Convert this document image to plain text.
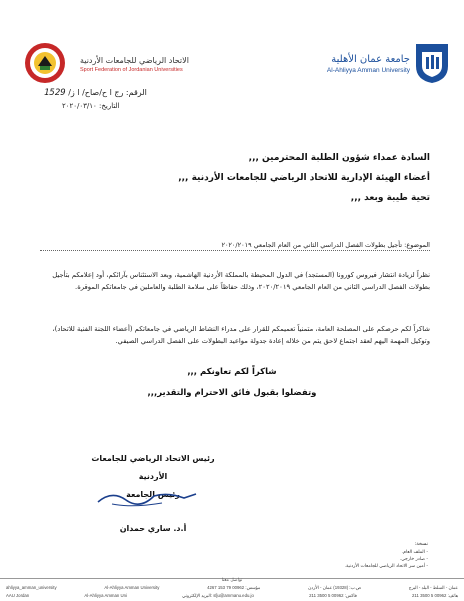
الاتحاد الرياضي للجامعات الأردنية
Sport Federation of Jordanian Universities
جامعة عمان الأهلية
Al-Ahliyya Amman University
الرقم: رج ا ح/صاح/ ا ز/ 1529
التاريخ: ٢٠٢٠/٠٣/١٠
السادة عمداء شؤون الطلبة المحترمين ,,,
أعضاء الهيئة الإدارية للاتحاد الرياضي للجامعات الأردنية ,,,
تحية طيبة وبعد ,,,
الموضوع: تأجيل بطولات الفصل الدراسي الثاني من العام الجامعي ٢٠٢٠/٢٠١٩
نظراً لزيادة انتشار فيروس كورونا (المستجد) في الدول المحيطة بالمملكة الأردنية الهاشمية، وبعد الاستئناس بآرائكم، أود إعلامكم بتأجيل بطولات الفصل الدراسي الثاني من العام الجامعي ٢٠٢٠/٢٠١٩، وذلك حفاظاً على سلامة الطلبة والعاملين في جامعاتكم الموقرة.
شاكراً لكم حرصكم على المصلحة العامة، متمنياً تعميمكم للقرار على مدراء النشاط الرياضي في جامعاتكم (أعضاء اللجنة الفنية للاتحاد)، وتوكيل المهمة اليهم لعقد اجتماع لاحق يتم من خلاله إعادة جدولة مواعيد البطولات على الفصل الدراسي الصيفي.
شاكراً لكم تعاونكم ,,,
وتفضلوا بقبول فائق الاحترام والتقدير,,,
رئيس الاتحاد الرياضي للجامعات الأردنية
رئيس الجامعة
أ.د. ساري حمدان
نسخة:
- الملف العام.
- صادر خارجي.
- أمين سر الاتحاد الرياضي للجامعات الأردنية.
تواصل معنا
ahliyya_amman_university	Al-Ahliyya Amman University	مؤسس: 00962 79 153 4267	ص.ب: (19328) عمان - الأردن	عمان - السلط - البلد - البرج
AAU Jordan	Al-Ahliyya Amman Uni	البريد الإلكتروني: sfju@ammanu.edu.jo	فاكس: 00962 5 3500 211	هاتف: 00962 5 3500 211
